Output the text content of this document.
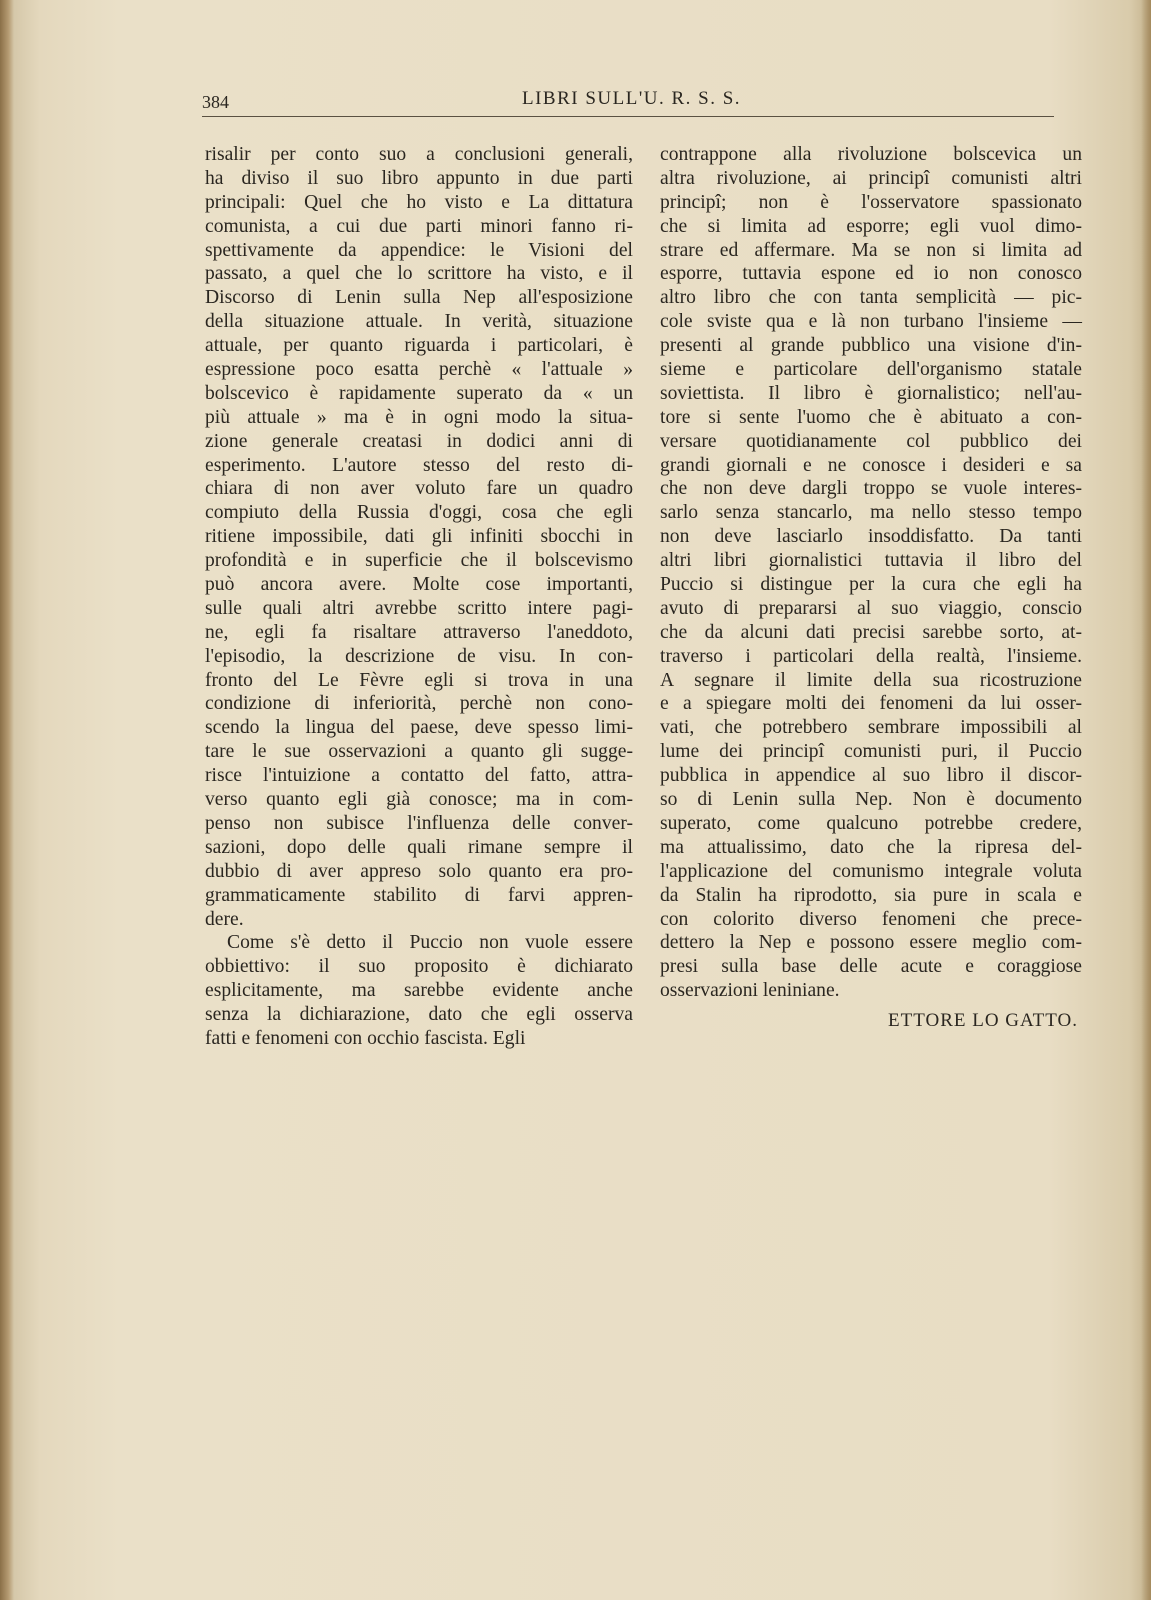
384	LIBRI SULL'U. R. S. S.
risalir per conto suo a conclusioni generali,
ha diviso il suo libro appunto in due parti
principali: Quel che ho visto e La dittatura
comunista, a cui due parti minori fanno ri-
spettivamente da appendice: le Visioni del
passato, a quel che lo scrittore ha visto, e il
Discorso di Lenin sulla Nep all'esposizione
della situazione attuale. In verità, situazione
attuale, per quanto riguarda i particolari, è
espressione poco esatta perchè « l'attuale »
bolscevico è rapidamente superato da « un
più attuale » ma è in ogni modo la situa-
zione generale creatasi in dodici anni di
esperimento. L'autore stesso del resto di-
chiara di non aver voluto fare un quadro
compiuto della Russia d'oggi, cosa che egli
ritiene impossibile, dati gli infiniti sbocchi in
profondità e in superficie che il bolscevismo
può ancora avere. Molte cose importanti,
sulle quali altri avrebbe scritto intere pagi-
ne, egli fa risaltare attraverso l'aneddoto,
l'episodio, la descrizione de visu. In con-
fronto del Le Fèvre egli si trova in una
condizione di inferiorità, perchè non cono-
scendo la lingua del paese, deve spesso limi-
tare le sue osservazioni a quanto gli sugge-
risce l'intuizione a contatto del fatto, attra-
verso quanto egli già conosce; ma in com-
penso non subisce l'influenza delle conver-
sazioni, dopo delle quali rimane sempre il
dubbio di aver appreso solo quanto era pro-
grammaticamente stabilito di farvi appren-
dere.
Come s'è detto il Puccio non vuole essere
obbiettivo: il suo proposito è dichiarato
esplicitamente, ma sarebbe evidente anche
senza la dichiarazione, dato che egli osserva
fatti e fenomeni con occhio fascista. Egli
contrappone alla rivoluzione bolscevica un
altra rivoluzione, ai principî comunisti altri
principî; non è l'osservatore spassionato
che si limita ad esporre; egli vuol dimo-
strare ed affermare. Ma se non si limita ad
esporre, tuttavia espone ed io non conosco
altro libro che con tanta semplicità — pic-
cole sviste qua e là non turbano l'insieme —
presenti al grande pubblico una visione d'in-
sieme e particolare dell'organismo statale
soviettista. Il libro è giornalistico; nell'au-
tore si sente l'uomo che è abituato a con-
versare quotidianamente col pubblico dei
grandi giornali e ne conosce i desideri e sa
che non deve dargli troppo se vuole interes-
sarlo senza stancarlo, ma nello stesso tempo
non deve lasciarlo insoddisfatto. Da tanti
altri libri giornalistici tuttavia il libro del
Puccio si distingue per la cura che egli ha
avuto di prepararsi al suo viaggio, conscio
che da alcuni dati precisi sarebbe sorto, at-
traverso i particolari della realtà, l'insieme.
A segnare il limite della sua ricostruzione
e a spiegare molti dei fenomeni da lui osser-
vati, che potrebbero sembrare impossibili al
lume dei principî comunisti puri, il Puccio
pubblica in appendice al suo libro il discor-
so di Lenin sulla Nep. Non è documento
superato, come qualcuno potrebbe credere,
ma attualissimo, dato che la ripresa del-
l'applicazione del comunismo integrale voluta
da Stalin ha riprodotto, sia pure in scala e
con colorito diverso fenomeni che prece-
dettero la Nep e possono essere meglio com-
presi sulla base delle acute e coraggiose
osservazioni leniniane.
ETTORE LO GATTO.
